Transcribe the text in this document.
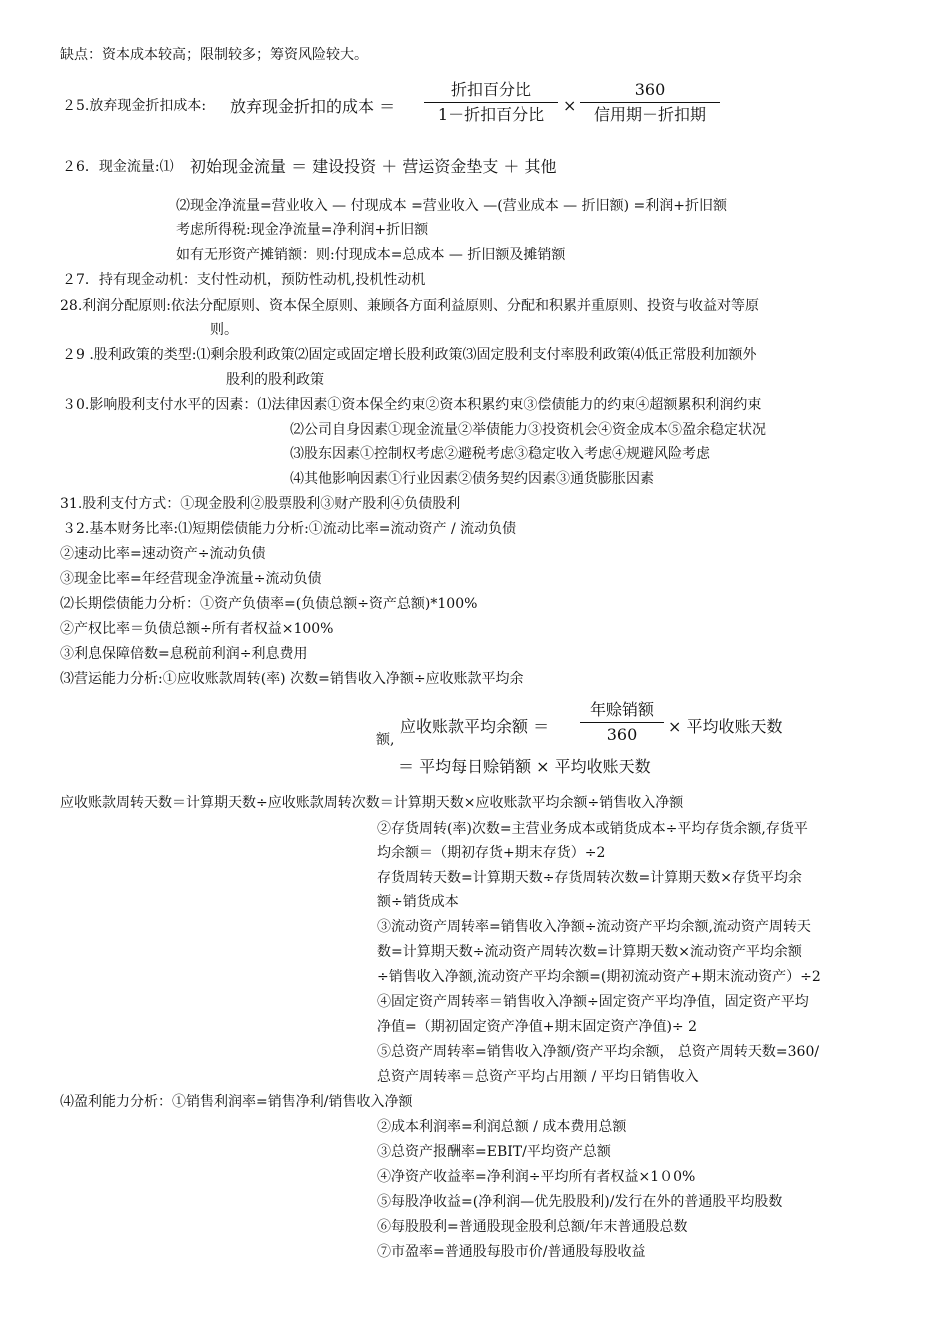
缺点：资本成本较高；限制较多；筹资风险较大。
２5.放弃现金折扣成本: 放弃现金折扣的成本 ＝
折扣百分比
1－折扣百分比	×
360
信用期－折扣期
２6．现金流量:⑴ 初始现金流量 ＝ 建设投资 ＋ 营运资金垫支 ＋ 其他
⑵现金净流量=营业收入 — 付现成本 =营业收入 —(营业成本 — 折旧额) =利润+折旧额
考虑所得税:现金净流量=净利润+折旧额
如有无形资产摊销额：则:付现成本=总成本 — 折旧额及摊销额
２7．持有现金动机：支付性动机，预防性动机,投机性动机
28.利润分配原则:依法分配原则、资本保全原则、兼顾各方面利益原则、分配和积累并重原则、投资与收益对等原
则。
２9 .股利政策的类型:⑴剩余股利政策⑵固定或固定增长股利政策⑶固定股利支付率股利政策⑷低正常股利加额外
股利的股利政策
３0.影响股利支付水平的因素：⑴法律因素①资本保全约束②资本积累约束③偿债能力的约束④超额累积利润约束
⑵公司自身因素①现金流量②举债能力③投资机会④资金成本⑤盈余稳定状况
⑶股东因素①控制权考虑②避税考虑③稳定收入考虑④规避风险考虑
⑷其他影响因素①行业因素②债务契约因素③通货膨胀因素
31.股利支付方式：①现金股利②股票股利③财产股利④负债股利
３2.基本财务比率:⑴短期偿债能力分析:①流动比率=流动资产 / 流动负债
②速动比率=速动资产÷流动负债
③现金比率=年经营现金净流量÷流动负债
⑵长期偿债能力分析：①资产负债率=(负债总额÷资产总额)*100%
②产权比率＝负债总额÷所有者权益×100%
③利息保障倍数=息税前利润÷利息费用
⑶营运能力分析:①应收账款周转(率) 次数=销售收入净额÷应收账款平均余
额,
应收账款平均余额 ＝
年赊销额
360	× 平均收账天数
＝ 平均每日赊销额 × 平均收账天数
应收账款周转天数＝计算期天数÷应收账款周转次数＝计算期天数×应收账款平均余额÷销售收入净额
②存货周转(率)次数=主营业务成本或销货成本÷平均存货余额,存货平
均余额＝（期初存货+期末存货）÷2
存货周转天数=计算期天数÷存货周转次数=计算期天数×存货平均余
额÷销货成本
③流动资产周转率=销售收入净额÷流动资产平均余额,流动资产周转天
数=计算期天数÷流动资产周转次数=计算期天数×流动资产平均余额
÷销售收入净额,流动资产平均余额=(期初流动资产+期末流动资产）÷2
④固定资产周转率＝销售收入净额÷固定资产平均净值，固定资产平均
净值=（期初固定资产净值+期末固定资产净值)÷ 2
⑤总资产周转率=销售收入净额/资产平均余额， 总资产周转天数=360/
总资产周转率＝总资产平均占用额 / 平均日销售收入
⑷盈利能力分析：①销售利润率=销售净利/销售收入净额
②成本利润率=利润总额 / 成本费用总额
③总资产报酬率=EBIT/平均资产总额
④净资产收益率=净利润÷平均所有者权益×1０0%
⑤每股净收益=(净利润—优先股股利)/发行在外的普通股平均股数
⑥每股股利=普通股现金股利总额/年末普通股总数
⑦市盈率=普通股每股市价/普通股每股收益
